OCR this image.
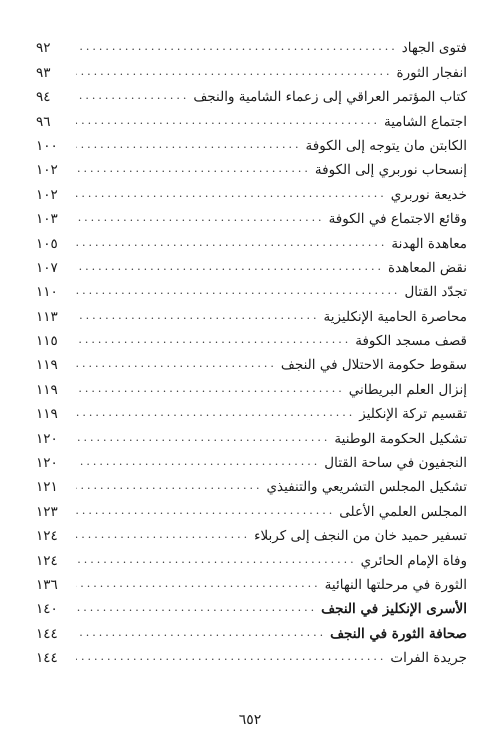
فتوى الجهاد
.....
٩٢
انفجار الثورة
.....
٩٣
كتاب المؤتمر العراقي إلى زعماء الشامية والنجف
.....
٩٤
اجتماع الشامية
.....
٩٦
الكابتن مان يتوجه إلى الكوفة
.....
١٠٠
إنسحاب نوربري إلى الكوفة
.....
١٠٢
خديعة نوربري
.....
١٠٢
وقائع الاجتماع في الكوفة
.....
١٠٣
معاهدة الهدنة
.....
١٠٥
نقض المعاهدة
.....
١٠٧
تجدّد القتال
.....
١١٠
محاصرة الحامية الإنكليزية
.....
١١٣
قصف مسجد الكوفة
.....
١١٥
سقوط حكومة الاحتلال في النجف
.....
١١٩
إنزال العلم البريطاني
.....
١١٩
تقسيم تركة الإنكليز
.....
١١٩
تشكيل الحكومة الوطنية
.....
١٢٠
النجفيون في ساحة القتال
.....
١٢٠
تشكيل المجلس التشريعي والتنفيذي
.....
١٢١
المجلس العلمي الأعلى
.....
١٢٣
تسفير حميد خان من النجف إلى كربلاء
.....
١٢٤
وفاة الإمام الحائري
.....
١٢٤
الثورة في مرحلتها النهائية
.....
١٣٦
الأسرى الإنكليز في النجف
.....
١٤٠
صحافة الثورة في النجف
.....
١٤٤
جريدة الفرات
.....
١٤٤
٦٥٢
